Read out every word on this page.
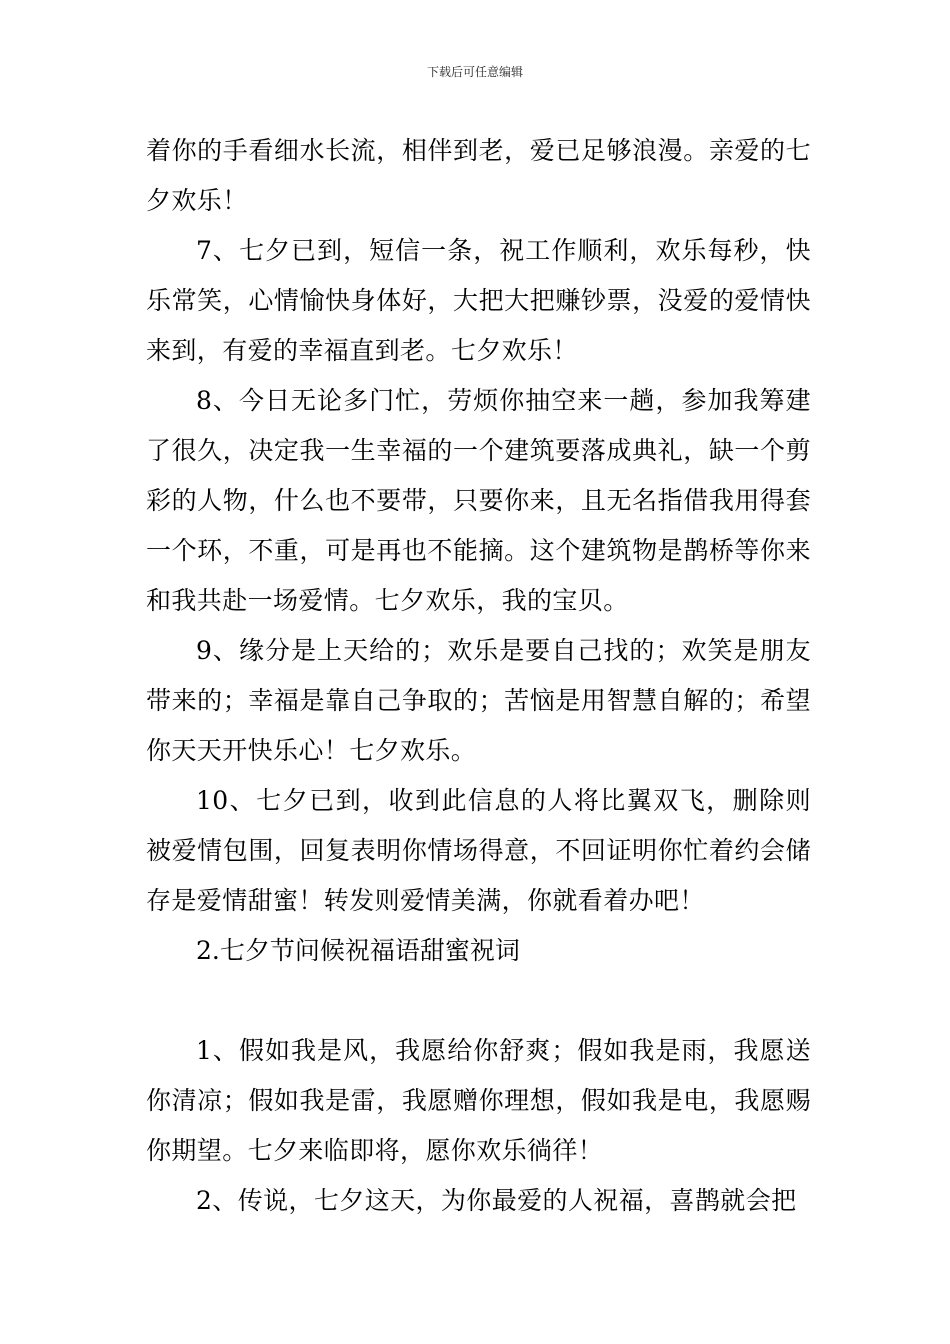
下载后可任意编辑

着你的手看细水长流，相伴到老，爱已足够浪漫。亲爱的七夕欢乐！

7、七夕已到，短信一条，祝工作顺利，欢乐每秒，快乐常笑，心情愉快身体好，大把大把赚钞票，没爱的爱情快来到，有爱的幸福直到老。七夕欢乐！

8、今日无论多门忙，劳烦你抽空来一趟，参加我筹建了很久，决定我一生幸福的一个建筑要落成典礼，缺一个剪彩的人物，什么也不要带，只要你来，且无名指借我用得套一个环，不重，可是再也不能摘。这个建筑物是鹊桥等你来和我共赴一场爱情。七夕欢乐，我的宝贝。

9、缘分是上天给的；欢乐是要自己找的；欢笑是朋友带来的；幸福是靠自己争取的；苦恼是用智慧自解的；希望你天天开快乐心！七夕欢乐。

10、七夕已到，收到此信息的人将比翼双飞，删除则被爱情包围，回复表明你情场得意，不回证明你忙着约会储存是爱情甜蜜！转发则爱情美满，你就看着办吧！

2.七夕节问候祝福语甜蜜祝词

1、假如我是风，我愿给你舒爽；假如我是雨，我愿送你清凉；假如我是雷，我愿赠你理想，假如我是电，我愿赐你期望。七夕来临即将，愿你欢乐徜徉！

2、传说，七夕这天，为你最爱的人祝福，喜鹊就会把
